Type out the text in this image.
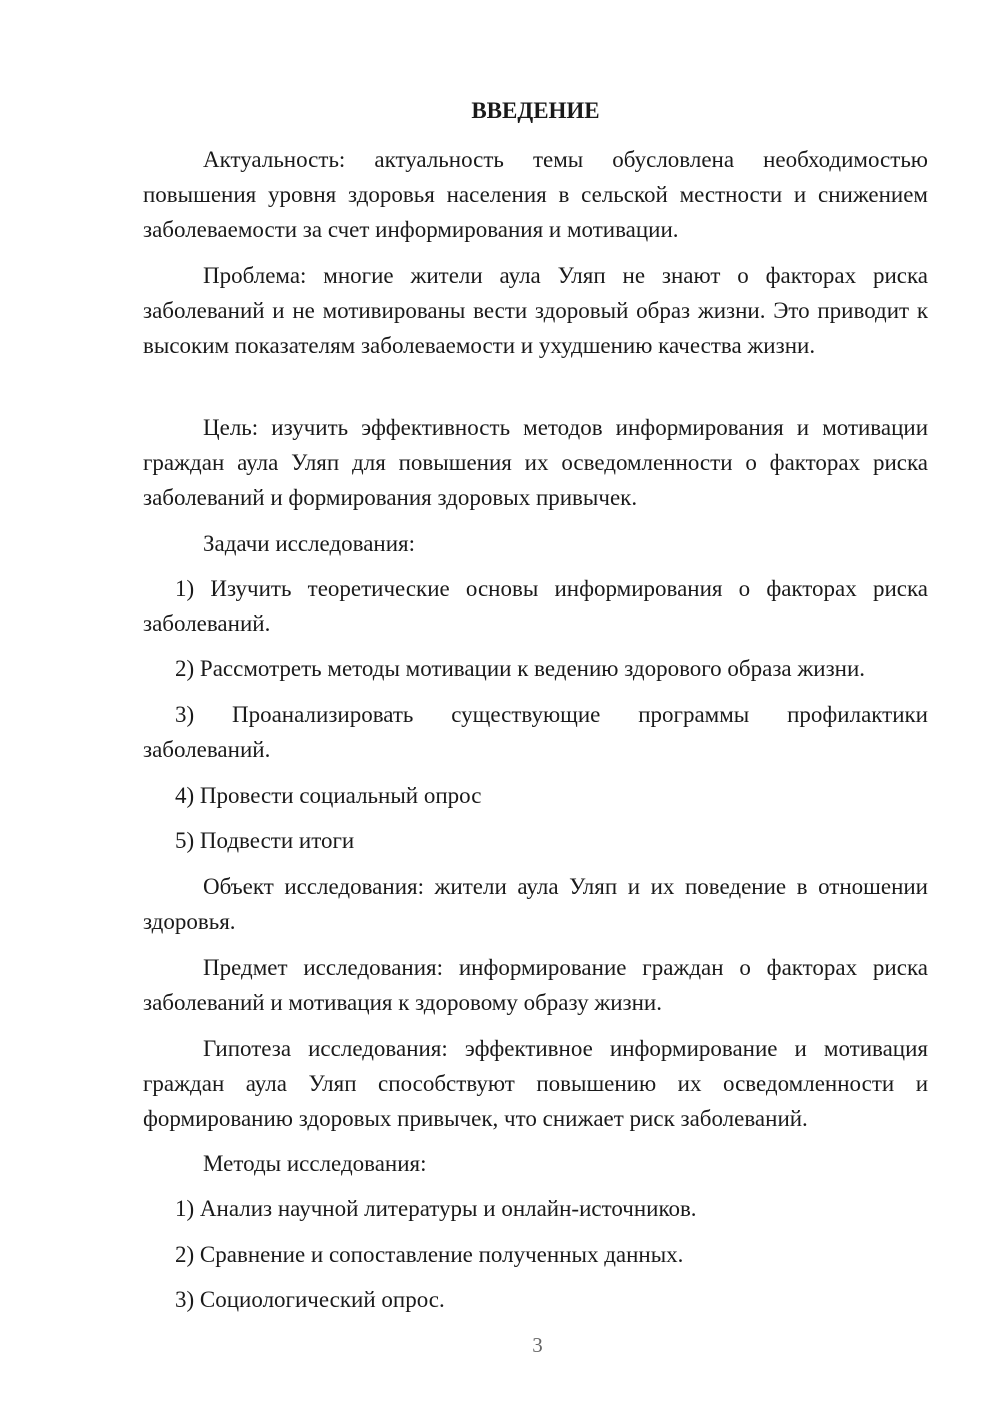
ВВЕДЕНИЕ

Актуальность: актуальность темы обусловлена необходимостью повышения уровня здоровья населения в сельской местности и снижением заболеваемости за счет информирования и мотивации.

Проблема: многие жители аула Уляп не знают о факторах риска заболеваний и не мотивированы вести здоровый образ жизни. Это приводит к высоким показателям заболеваемости и ухудшению качества жизни.

Цель: изучить эффективность методов информирования и мотивации граждан аула Уляп для повышения их осведомленности о факторах риска заболеваний и формирования здоровых привычек.

Задачи исследования:

1) Изучить теоретические основы информирования о факторах риска заболеваний.

2) Рассмотреть методы мотивации к ведению здорового образа жизни.

3) Проанализировать существующие программы профилактики заболеваний.

4) Провести социальный опрос

5) Подвести итоги

Объект исследования: жители аула Уляп и их поведение в отношении здоровья.

Предмет исследования: информирование граждан о факторах риска заболеваний и мотивация к здоровому образу жизни.

Гипотеза исследования: эффективное информирование и мотивация граждан аула Уляп способствуют повышению их осведомленности и формированию здоровых привычек, что снижает риск заболеваний.

Методы исследования:

1) Анализ научной литературы и онлайн-источников.

2) Сравнение и сопоставление полученных данных.

3) Социологический опрос.

3
